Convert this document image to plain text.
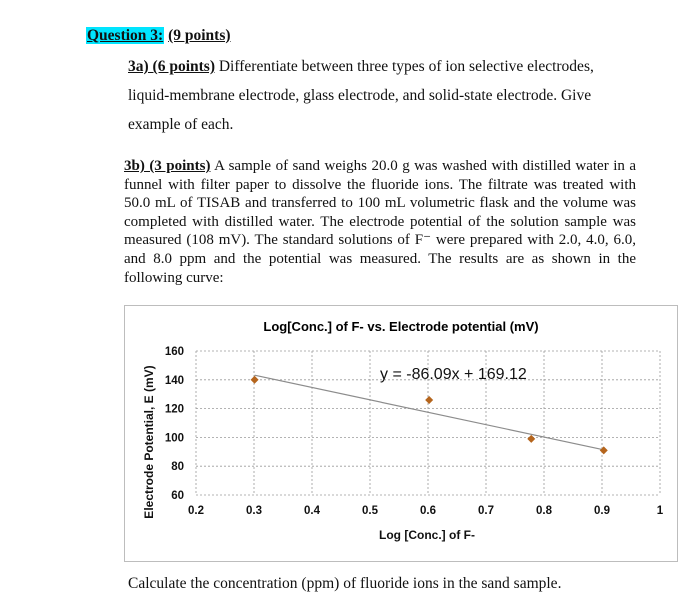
Question 3: (9 points)
3a) (6 points) Differentiate between three types of ion selective electrodes, liquid-membrane electrode, glass electrode, and solid-state electrode. Give example of each.
3b) (3 points) A sample of sand weighs 20.0 g was washed with distilled water in a funnel with filter paper to dissolve the fluoride ions. The filtrate was treated with 50.0 mL of TISAB and transferred to 100 mL volumetric flask and the volume was completed with distilled water. The electrode potential of the solution sample was measured (108 mV). The standard solutions of F⁻ were prepared with 2.0, 4.0, 6.0, and 8.0 ppm and the potential was measured. The results are as shown in the following curve:
Log[Conc.] of F- vs. Electrode potential (mV)
60
80
100
120
140
160
0.2	0.3	0.4	0.5	0.6	0.7	0.8	0.9	1
y = -86.09x + 169.12
Log [Conc.] of F-
Electrode Potential, E (mV)
Calculate the concentration (ppm) of fluoride ions in the sand sample.
